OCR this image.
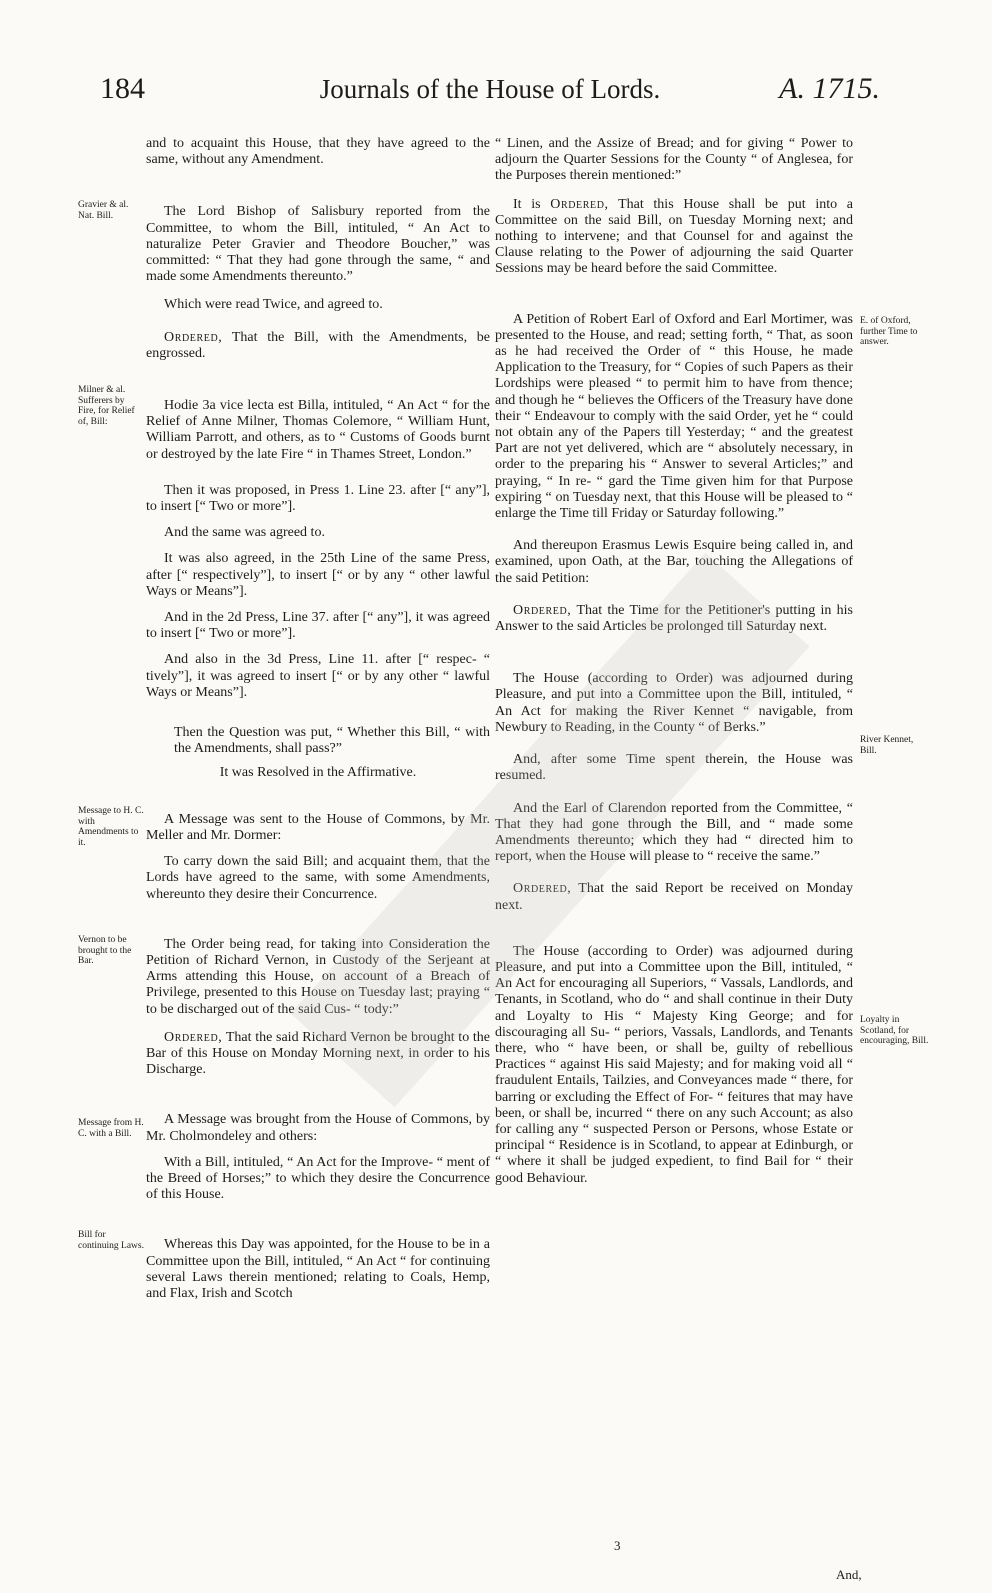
184	Journals of the House of Lords.	A. 1715.
Gravier & al. Nat. Bill.
Milner & al. Sufferers by Fire, for Relief of, Bill:
Message to H. C. with Amendments to it.
Vernon to be brought to the Bar.
Message from H. C. with a Bill.
Bill for continuing Laws.
E. of Oxford, further Time to answer.
River Kennet, Bill.
Loyalty in Scotland, for encouraging, Bill.

and to acquaint this House, that they have agreed to the same, without any Amendment.

The Lord Bishop of Salisbury reported from the Committee, to whom the Bill, intituled, “ An Act to naturalize Peter Gravier and Theodore Boucher,” was committed: “ That they had gone through the same, “ and made some Amendments thereunto.”

Which were read Twice, and agreed to.

Ordered, That the Bill, with the Amendments, be engrossed.

Hodie 3a vice lecta est Billa, intituled, “ An Act “ for the Relief of Anne Milner, Thomas Colemore, “ William Hunt, William Parrott, and others, as to “ Customs of Goods burnt or destroyed by the late Fire “ in Thames Street, London.”

Then it was proposed, in Press 1. Line 23. after [“ any”], to insert [“ Two or more”].

And the same was agreed to.

It was also agreed, in the 25th Line of the same Press, after [“ respectively”], to insert [“ or by any “ other lawful Ways or Means”].

And in the 2d Press, Line 37. after [“ any”], it was agreed to insert [“ Two or more”].

And also in the 3d Press, Line 11. after [“ respec- “ tively”], it was agreed to insert [“ or by any other “ lawful Ways or Means”].

Then the Question was put, “ Whether this Bill, “ with the Amendments, shall pass?”

It was Resolved in the Affirmative.

A Message was sent to the House of Commons, by Mr. Meller and Mr. Dormer:

To carry down the said Bill; and acquaint them, that the Lords have agreed to the same, with some Amendments, whereunto they desire their Concurrence.

The Order being read, for taking into Consideration the Petition of Richard Vernon, in Custody of the Serjeant at Arms attending this House, on account of a Breach of Privilege, presented to this House on Tuesday last; praying “ to be discharged out of the said Cus- “ tody:”

Ordered, That the said Richard Vernon be brought to the Bar of this House on Monday Morning next, in order to his Discharge.

A Message was brought from the House of Commons, by Mr. Cholmondeley and others:

With a Bill, intituled, “ An Act for the Improve- “ ment of the Breed of Horses;” to which they desire the Concurrence of this House.

Whereas this Day was appointed, for the House to be in a Committee upon the Bill, intituled, “ An Act “ for continuing several Laws therein mentioned; relating to Coals, Hemp, and Flax, Irish and Scotch

“ Linen, and the Assize of Bread; and for giving “ Power to adjourn the Quarter Sessions for the County “ of Anglesea, for the Purposes therein mentioned:”

It is Ordered, That this House shall be put into a Committee on the said Bill, on Tuesday Morning next; and nothing to intervene; and that Counsel for and against the Clause relating to the Power of adjourning the said Quarter Sessions may be heard before the said Committee.

A Petition of Robert Earl of Oxford and Earl Mortimer, was presented to the House, and read; setting forth, “ That, as soon as he had received the Order of “ this House, he made Application to the Treasury, for “ Copies of such Papers as their Lordships were pleased “ to permit him to have from thence; and though he “ believes the Officers of the Treasury have done their “ Endeavour to comply with the said Order, yet he “ could not obtain any of the Papers till Yesterday; “ and the greatest Part are not yet delivered, which are “ absolutely necessary, in order to the preparing his “ Answer to several Articles;” and praying, “ In re- “ gard the Time given him for that Purpose expiring “ on Tuesday next, that this House will be pleased to “ enlarge the Time till Friday or Saturday following.”

And thereupon Erasmus Lewis Esquire being called in, and examined, upon Oath, at the Bar, touching the Allegations of the said Petition:

Ordered, That the Time for the Petitioner's putting in his Answer to the said Articles be prolonged till Saturday next.

The House (according to Order) was adjourned during Pleasure, and put into a Committee upon the Bill, intituled, “ An Act for making the River Kennet “ navigable, from Newbury to Reading, in the County “ of Berks.”

And, after some Time spent therein, the House was resumed.

And the Earl of Clarendon reported from the Committee, “ That they had gone through the Bill, and “ made some Amendments thereunto; which they had “ directed him to report, when the House will please to “ receive the same.”

Ordered, That the said Report be received on Monday next.

The House (according to Order) was adjourned during Pleasure, and put into a Committee upon the Bill, intituled, “ An Act for encouraging all Superiors, “ Vassals, Landlords, and Tenants, in Scotland, who do “ and shall continue in their Duty and Loyalty to His “ Majesty King George; and for discouraging all Su- “ periors, Vassals, Landlords, and Tenants there, who “ have been, or shall be, guilty of rebellious Practices “ against His said Majesty; and for making void all “ fraudulent Entails, Tailzies, and Conveyances made “ there, for barring or excluding the Effect of For- “ feitures that may have been, or shall be, incurred “ there on any such Account; as also for calling any “ suspected Person or Persons, whose Estate or principal “ Residence is in Scotland, to appear at Edinburgh, or “ where it shall be judged expedient, to find Bail for “ their good Behaviour.

3
And,
